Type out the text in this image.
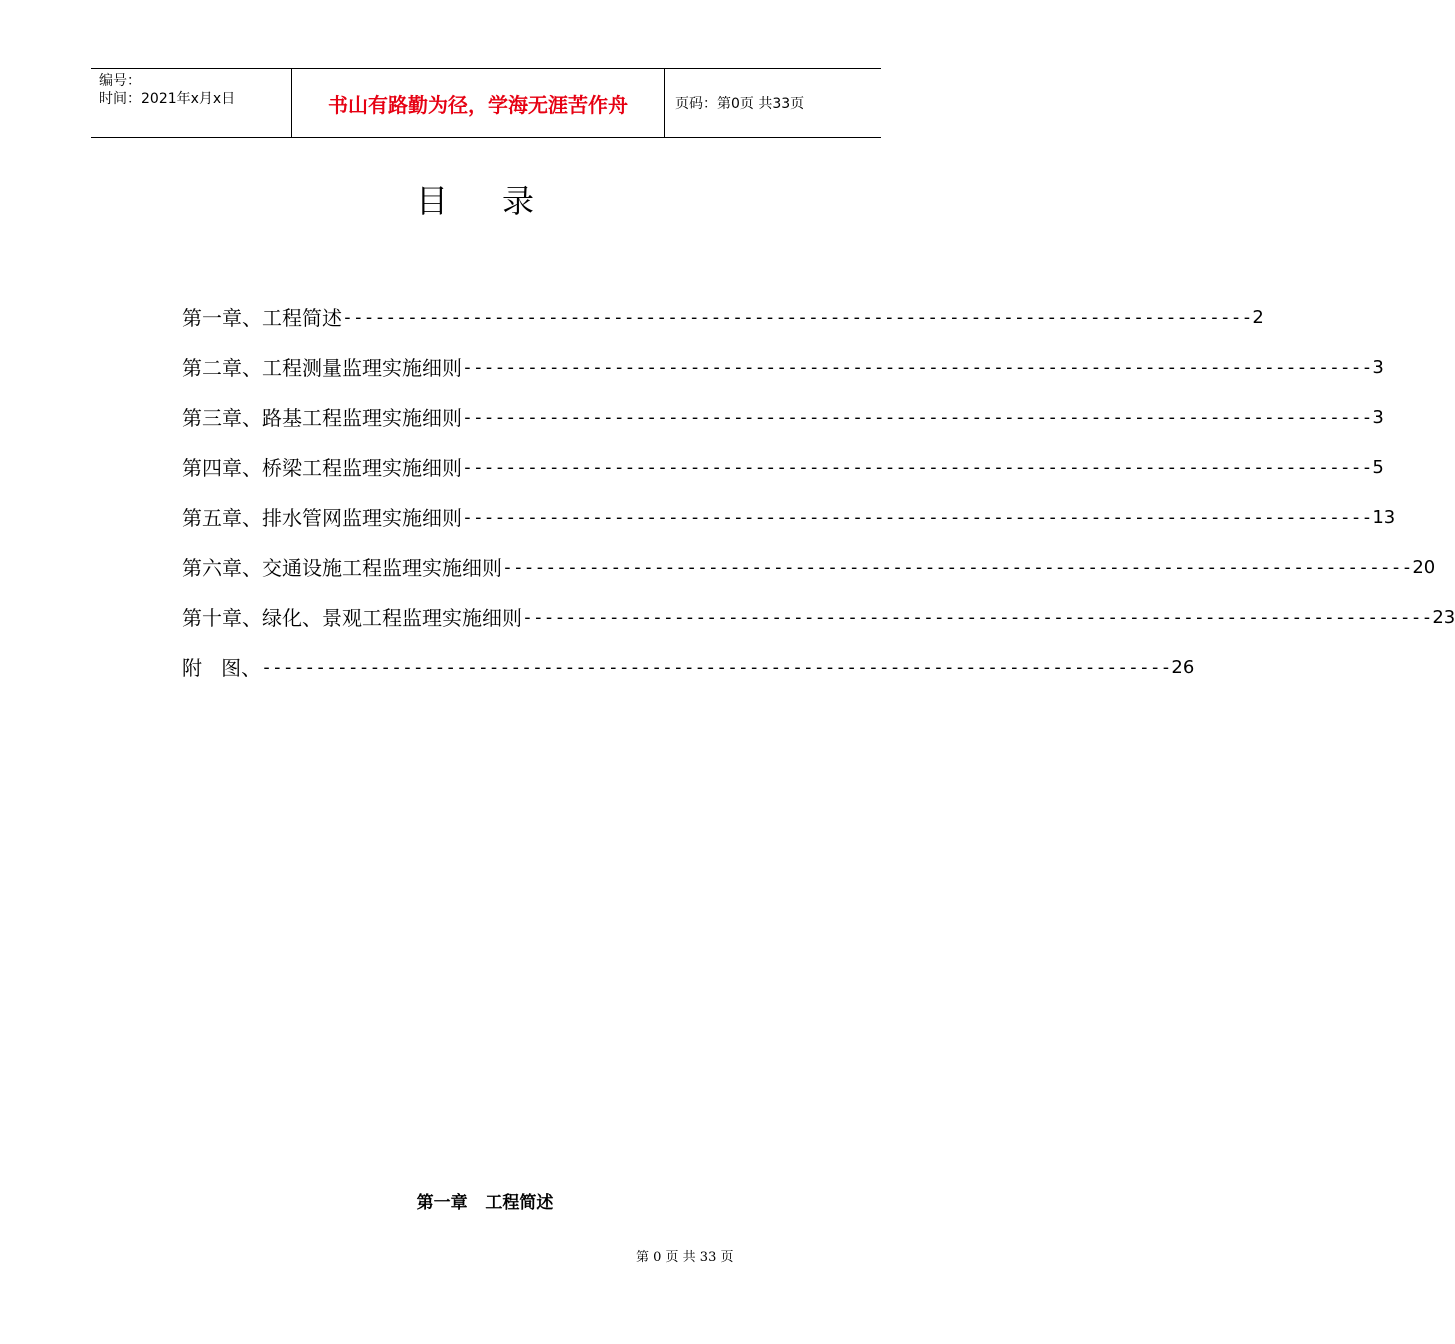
编号：
时间：2021年x月x日	书山有路勤为径，学海无涯苦作舟	页码：第0页 共33页
目录
第一章、工程简述 ------------------------------------------------------------------------------------ 2
第二章、工程测量监理实施细则 ------------------------------------------------------------------------------------ 3
第三章、路基工程监理实施细则 ------------------------------------------------------------------------------------ 3
第四章、桥梁工程监理实施细则 ------------------------------------------------------------------------------------ 5
第五章、排水管网监理实施细则 ------------------------------------------------------------------------------------ 13
第六章、交通设施工程监理实施细则 ------------------------------------------------------------------------------------ 20
第十章、绿化、景观工程监理实施细则 ------------------------------------------------------------------------------------ 23
附   图、 ------------------------------------------------------------------------------------ 26
第一章   工程简述
第 0 页 共 33 页
